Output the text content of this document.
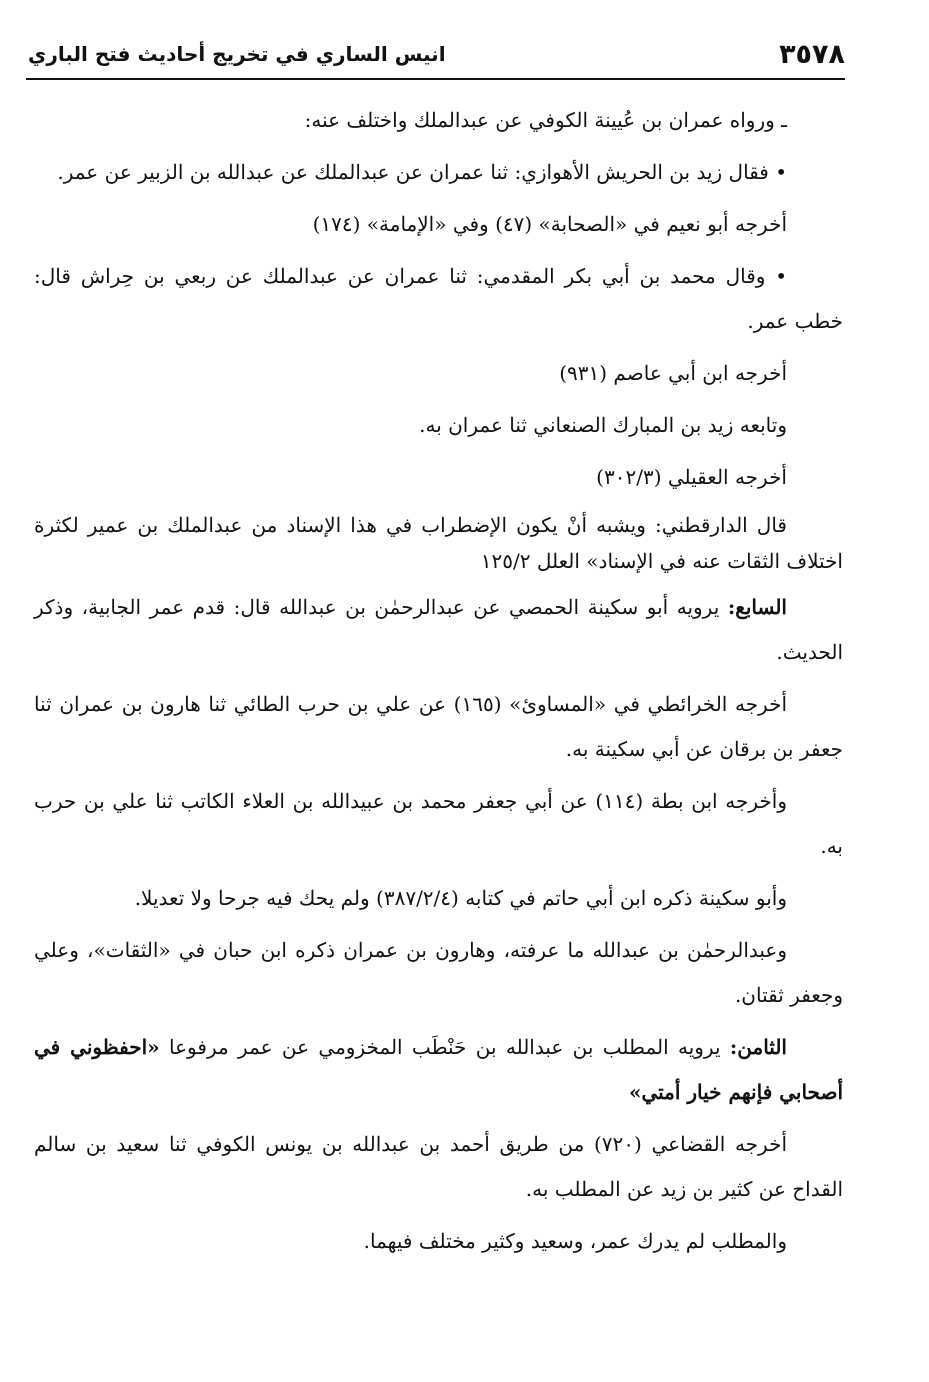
٣٥٧٨
انيس الساري في تخريج أحاديث فتح الباري

ـ ورواه عمران بن عُيينة الكوفي عن عبدالملك واختلف عنه:

• فقال زيد بن الحريش الأهوازي: ثنا عمران عن عبدالملك عن عبدالله بن الزبير عن عمر.

أخرجه أبو نعيم في «الصحابة» (٤٧) وفي «الإمامة» (١٧٤)

• وقال محمد بن أبي بكر المقدمي: ثنا عمران عن عبدالملك عن ربعي بن حِراش قال: خطب عمر.

أخرجه ابن أبي عاصم (٩٣١)

وتابعه زيد بن المبارك الصنعاني ثنا عمران به.

أخرجه العقيلي (٣٠٢/٣)

قال الدارقطني: ويشبه أنْ يكون الإضطراب في هذا الإسناد من عبدالملك بن عمير لكثرة اختلاف الثقات عنه في الإسناد» العلل ١٢٥/٢

السابع: يرويه أبو سكينة الحمصي عن عبدالرحمٰن بن عبدالله قال: قدم عمر الجابية، وذكر الحديث.

أخرجه الخرائطي في «المساوئ» (١٦٥) عن علي بن حرب الطائي ثنا هارون بن عمران ثنا جعفر بن برقان عن أبي سكينة به.

وأخرجه ابن بطة (١١٤) عن أبي جعفر محمد بن عبيدالله بن العلاء الكاتب ثنا علي بن حرب به.

وأبو سكينة ذكره ابن أبي حاتم في كتابه (٣٨٧/٢/٤) ولم يحك فيه جرحا ولا تعديلا.

وعبدالرحمٰن بن عبدالله ما عرفته، وهارون بن عمران ذكره ابن حبان في «الثقات»، وعلي وجعفر ثقتان.

الثامن: يرويه المطلب بن عبدالله بن حَنْطَب المخزومي عن عمر مرفوعا «احفظوني في أصحابي فإنهم خيار أمتي»

أخرجه القضاعي (٧٢٠) من طريق أحمد بن عبدالله بن يونس الكوفي ثنا سعيد بن سالم القداح عن كثير بن زيد عن المطلب به.

والمطلب لم يدرك عمر، وسعيد وكثير مختلف فيهما.
